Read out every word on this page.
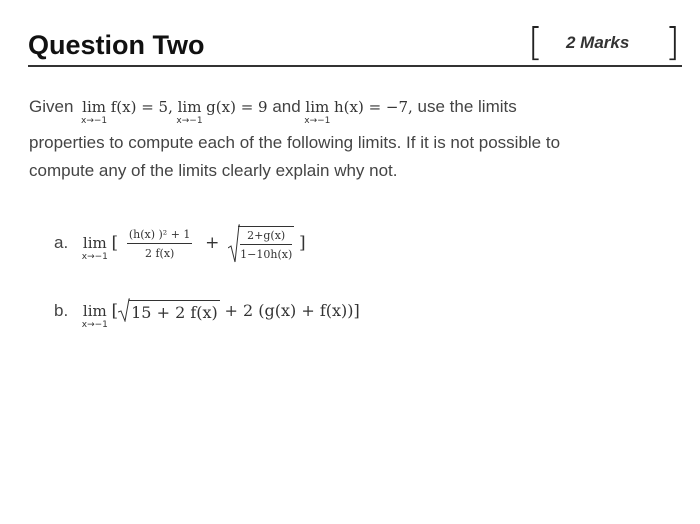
Question Two	[ 2 Marks ]
Given lim
x→−1
f(x) = 5, lim
x→−1
g(x) = 9 and lim
x→−1
h(x) = −7, use the limits
properties to compute each of the following limits. If it is not possible to
compute any of the limits clearly explain why not.
a. lim
x→−1
[ $\frac{\text{(h(x) )² + 1}}{2 f(x)} + \frac{2+g(x)}{1-10h(x)}$ ]
b. lim
x→−1
[ 15 + 2 f(x) + 2 (g(x) + f(x))]
